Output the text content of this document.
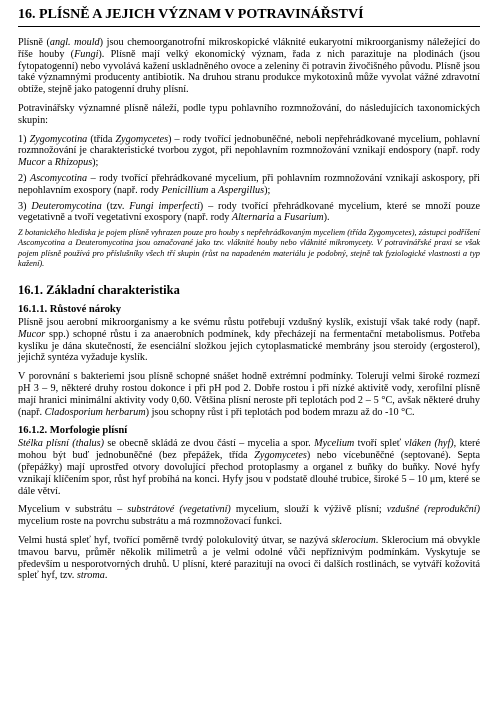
16. PLÍSNĚ A JEJICH VÝZNAM V POTRAVINÁŘSTVÍ

Plísně (angl. mould) jsou chemoorganotrofní mikroskopické vláknité eukaryotní mikroorganismy náležející do říše houby (Fungi). Plísně mají velký ekonomický význam, řada z nich parazituje na plodinách (jsou fytopatogenní) nebo vyvolává kažení uskladněného ovoce a zeleniny či potravin živočišného původu. Plísně jsou také významnými producenty antibiotik. Na druhou stranu produkce mykotoxinů může vyvolat vážné zdravotní obtíže, stejně jako patogenní druhy plísní.

Potravinářsky významné plísně náleží, podle typu pohlavního rozmnožování, do následujících taxonomických skupin:

1) Zygomycotina (třída Zygomycetes) – rody tvořící jednobuněčné, neboli nepřehrádkované mycelium, pohlavní rozmnožování je charakteristické tvorbou zygot, při nepohlavním rozmnožování vznikají endospory (např. rody Mucor a Rhizopus);

2) Ascomycotina – rody tvořící přehrádkované mycelium, při pohlavním rozmnožování vznikají askospory, při nepohlavním exospory (např. rody Penicillium a Aspergillus);

3) Deuteromycotina (tzv. Fungi imperfecti) – rody tvořící přehrádkované mycelium, které se množí pouze vegetativně a tvoří vegetativní exospory (např. rody Alternaria a Fusarium).

Z botanického hlediska je pojem plísně vyhrazen pouze pro houby s nepřehrádkovaným myceliem (třída Zygomycetes), zástupci podříšení Ascomycotina a Deuteromycotina jsou označované jako tzv. vláknité houby nebo vláknité mikromycety. V potravinářské praxi se však pojem plísně používá pro příslušníky všech tří skupin (růst na napadeném materiálu je podobný, stejně tak fyziologické vlastnosti a typ kažení).

16.1. Základní charakteristika
16.1.1. Růstové nároky

Plísně jsou aerobní mikroorganismy a ke svému růstu potřebují vzdušný kyslík, existují však také rody (např. Mucor spp.) schopné růstu i za anaerobních podmínek, kdy přecházejí na fermentační metabolismus. Potřeba kyslíku je dána skutečností, že esenciální složkou jejich cytoplasmatické membrány jsou steroidy (ergosterol), jejichž syntéza vyžaduje kyslík.

V porovnání s bakteriemi jsou plísně schopné snášet hodně extrémní podmínky. Tolerují velmi široké rozmezí pH 3 – 9, některé druhy rostou dokonce i při pH pod 2. Dobře rostou i při nízké aktivitě vody, xerofilní plísně mají hranici minimální aktivity vody 0,60. Většina plísní neroste při teplotách pod 2 – 5 °C, avšak některé druhy (např. Cladosporium herbarum) jsou schopny růst i při teplotách pod bodem mrazu až do -10 °C.

16.1.2. Morfologie plísní

Stélka plísní (thalus) se obecně skládá ze dvou částí – mycelia a spor. Mycelium tvoří spleť vláken (hyf), které mohou být buď jednobuněčné (bez přepážek, třída Zygomycetes) nebo vícebuněčné (septované). Septa (přepážky) mají uprostřed otvory dovolující přechod protoplasmy a organel z buňky do buňky. Nové hyfy vznikají klíčením spor, růst hyf probíhá na konci. Hyfy jsou v podstatě dlouhé trubice, široké 5 – 10 μm, které se dále větví.

Mycelium v substrátu – substrátové (vegetativní) mycelium, slouží k výživě plísní; vzdušné (reprodukční) mycelium roste na povrchu substrátu a má rozmnožovací funkci.

Velmi hustá spleť hyf, tvořící poměrně tvrdý polokulovitý útvar, se nazývá sklerocium. Sklerocium má obvykle tmavou barvu, průměr několik milimetrů a je velmi odolné vůči nepříznivým podmínkám. Vyskytuje se především u nesporotvorných druhů. U plísní, které parazitují na ovoci či dalších rostlinách, se vytváří kožovitá spleť hyf, tzv. stroma.
